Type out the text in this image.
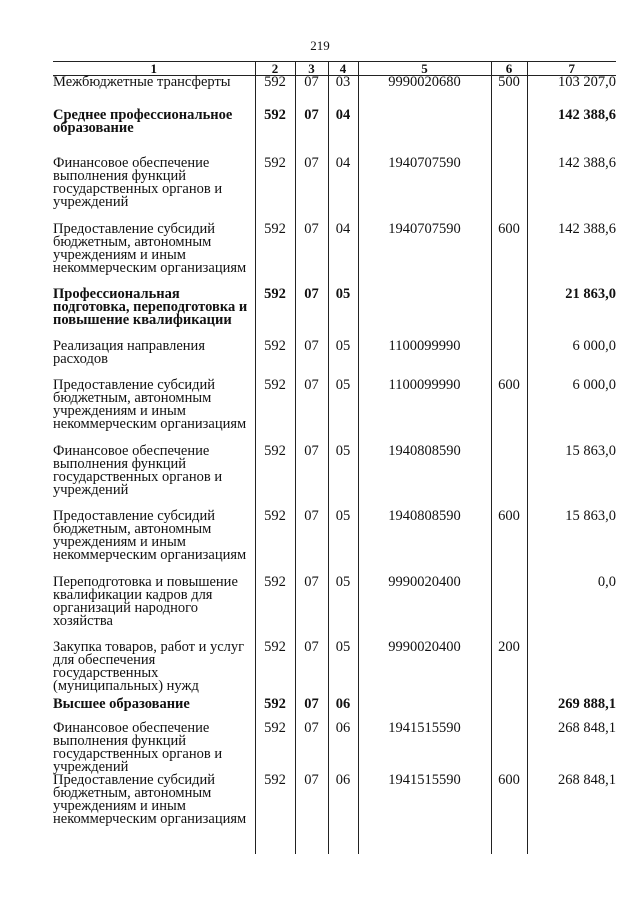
219
1	2	3	4	5	6	7
Межбюджетные трансферты	592	07	03	9990020680	500	103 207,0
Среднее профессиональное образование	592	07	04			142 388,6
Финансовое обеспечение выполнения функций государственных органов и учреждений	592	07	04	1940707590		142 388,6
Предоставление субсидий бюджетным, автономным учреждениям и иным некоммерческим организациям	592	07	04	1940707590	600	142 388,6
Профессиональная подготовка, переподготовка и повышение квалификации	592	07	05			21 863,0
Реализация направления расходов	592	07	05	1100099990		6 000,0
Предоставление субсидий бюджетным, автономным учреждениям и иным некоммерческим организациям	592	07	05	1100099990	600	6 000,0
Финансовое обеспечение выполнения функций государственных органов и учреждений	592	07	05	1940808590		15 863,0
Предоставление субсидий бюджетным, автономным учреждениям и иным некоммерческим организациям	592	07	05	1940808590	600	15 863,0
Переподготовка и повышение квалификации кадров для организаций народного хозяйства	592	07	05	9990020400		0,0
Закупка товаров, работ и услуг для обеспечения государственных (муниципальных) нужд	592	07	05	9990020400	200	
Высшее образование	592	07	06			269 888,1
Финансовое обеспечение выполнения функций государственных органов и учреждений	592	07	06	1941515590		268 848,1
Предоставление субсидий бюджетным, автономным учреждениям и иным некоммерческим организациям	592	07	06	1941515590	600	268 848,1
